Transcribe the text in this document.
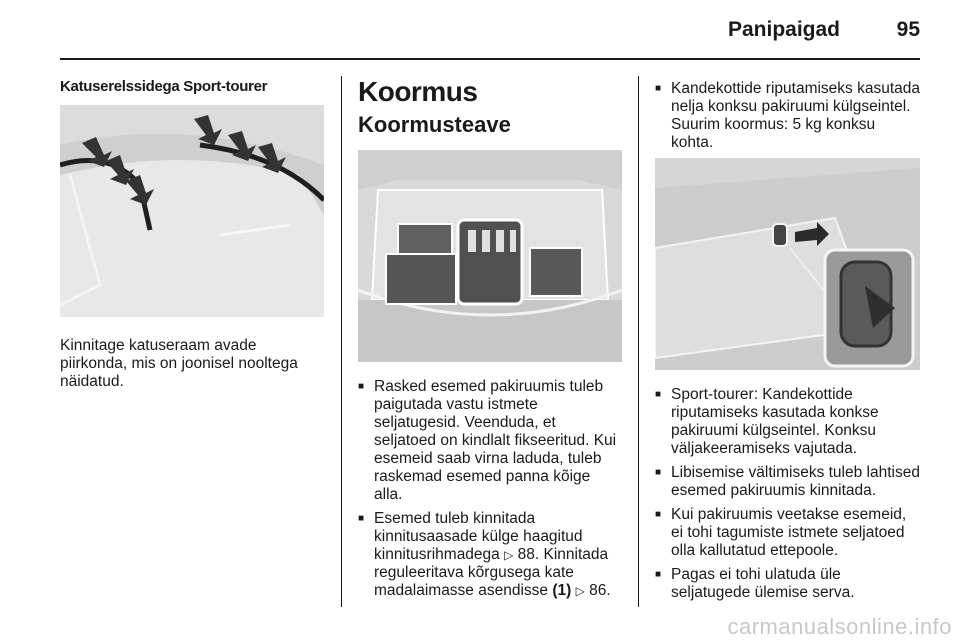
Panipaigad	95
Katuserelssidega Sport-tourer

Kinnitage katuseraam avade piirkonda, mis on joonisel nooltega näidatud.

Koormus
Koormusteave
■ Rasked esemed pakiruumis tuleb paigutada vastu istmete seljatugesid. Veenduda, et seljatoed on kindlalt fikseeritud. Kui esemeid saab virna laduda, tuleb raskemad esemed panna kõige alla.
■ Esemed tuleb kinnitada kinnitusaasade külge haagitud kinnitusrihmadega ▷ 88. Kinnitada reguleeritava kõrgusega kate madalaimasse asendisse (1) ▷ 86.
■ Kandekottide riputamiseks kasutada nelja konksu pakiruumi külgseintel. Suurim koormus: 5 kg konksu kohta.
■ Sport-tourer: Kandekottide riputamiseks kasutada konkse pakiruumi külgseintel. Konksu väljakeeramiseks vajutada.
■ Libisemise vältimiseks tuleb lahtised esemed pakiruumis kinnitada.
■ Kui pakiruumis veetakse esemeid, ei tohi tagumiste istmete seljatoed olla kallutatud ettepoole.
■ Pagas ei tohi ulatuda üle seljatugede ülemise serva.
carmanualsonline.info
